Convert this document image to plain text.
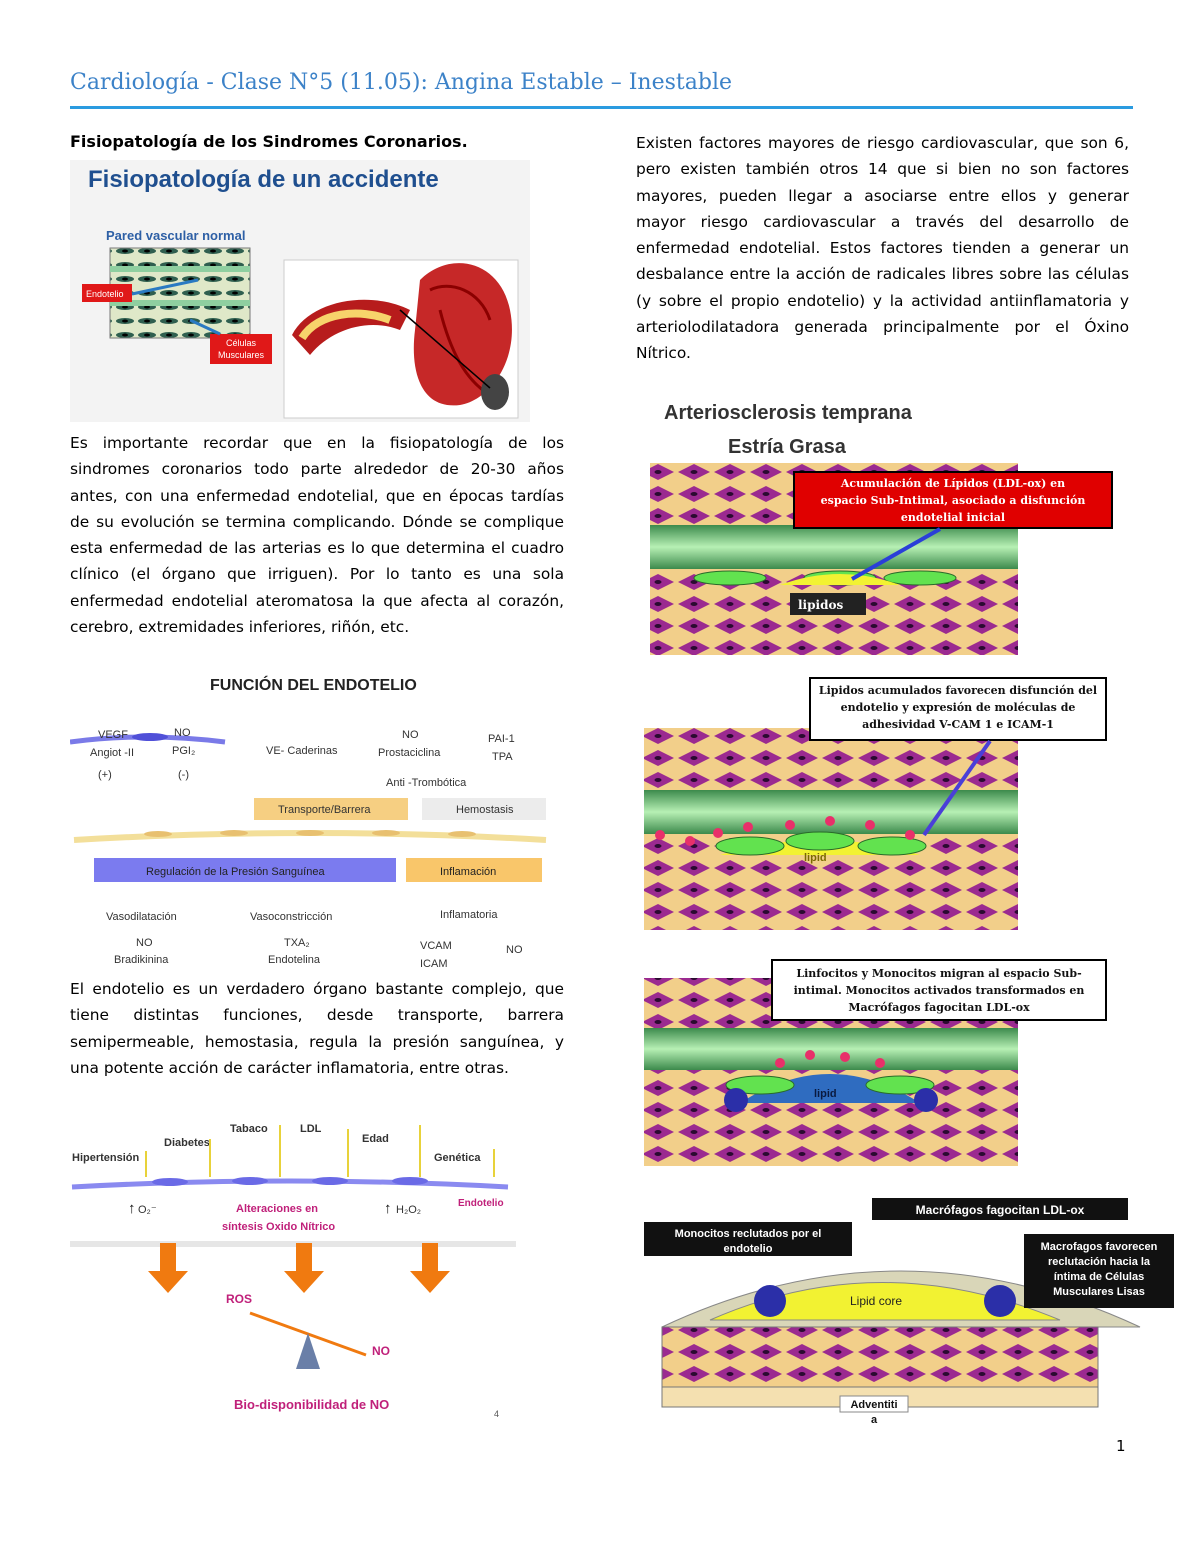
Cardiología - Clase N°5 (11.05): Angina Estable – Inestable
Fisiopatología de los Sindromes Coronarios.
Fisiopatología de un accidente
Pared vascular normal
Endotelio
Células
Musculares

Es importante recordar que en la fisiopatología de los sindromes coronarios todo parte alrededor de 20-30 años antes, con una enfermedad endotelial, que en épocas tardías de su evolución se termina complicando. Dónde se complique esta enfermedad de las arterias es lo que determina el cuadro clínico (el órgano que irriguen). Por lo tanto es una sola enfermedad endotelial ateromatosa la que afecta al corazón, cerebro, extremidades inferiores, riñón, etc.

FUNCIÓN DEL ENDOTELIO
VEGF	NO
Angiot -II	PGI₂
(+)	(-)
VE- Caderinas
NO
Prostaciclina
PAI-1
TPA
Anti -Trombótica
Transporte/Barrera	Hemostasis
Regulación de la Presión Sanguínea	Inflamación
Vasodilatación	Vasoconstricción	Inflamatoria
NO
Bradikinina
TXA₂
Endotelina
VCAM
ICAM
NO

El endotelio es un verdadero órgano bastante complejo, que tiene distintas funciones, desde transporte, barrera semipermeable, hemostasia, regula la presión sanguínea, y una potente acción de carácter inflamatoria, entre otras.

Hipertensión
Diabetes
Tabaco	LDL
Edad
Genética
↑ O₂⁻	Alteraciones en
síntesis Oxido Nítrico
↑ H₂O₂
Endotelio
ROS
NO
Bio-disponibilidad de NO
4

Existen factores mayores de riesgo cardiovascular, que son 6, pero existen también otros 14 que si bien no son factores mayores, pueden llegar a asociarse entre ellos y generar mayor riesgo cardiovascular a través del desarrollo de enfermedad endotelial. Estos factores tienden a generar un desbalance entre la acción de radicales libres sobre las células (y sobre el propio endotelio) y la actividad antiinflamatoria y arteriolodilatadora generada principalmente por el Óxino Nítrico.

Arteriosclerosis temprana
Estría Grasa
Acumulación de Lípidos (LDL-ox) en
espacio Sub-Intimal, asociado a disfunción
endotelial inicial
lipidos
lipid
Lipidos acumulados favorecen disfunción del
endotelio y expresión de moléculas de
adhesividad V-CAM 1 e ICAM-1
lipid
Linfocitos y Monocitos migran al espacio Sub-
intimal. Monocitos activados transformados en
Macrófagos fagocitan LDL-ox
Lipid core
Monocitos reclutados por el
endotelio
Macrófagos fagocitan LDL-ox
Macrofagos favorecen
reclutación hacia la
íntima de Células
Musculares Lisas
Adventiti
a
1
